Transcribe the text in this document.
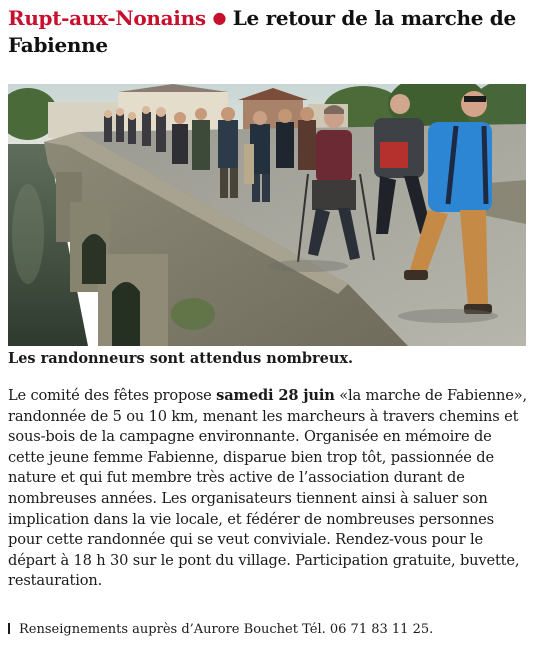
Rupt-aux-Nonains ● Le retour de la marche de Fabienne

Les randonneurs sont attendus nombreux.

Le comité des fêtes propose samedi 28 juin «la marche de Fabienne», randonnée de 5 ou 10 km, menant les marcheurs à travers chemins et sous-bois de la campagne environnante. Organisée en mémoire de cette jeune femme Fabienne, disparue bien trop tôt, passionnée de nature et qui fut membre très active de l’association durant de nombreuses années. Les organisateurs tiennent ainsi à saluer son implication dans la vie locale, et fédérer de nombreuses personnes pour cette randonnée qui se veut conviviale. Rendez-vous pour le départ à 18 h 30 sur le pont du village. Participation gratuite, buvette, restauration.

Renseignements auprès d’Aurore Bouchet Tél. 06 71 83 11 25.
